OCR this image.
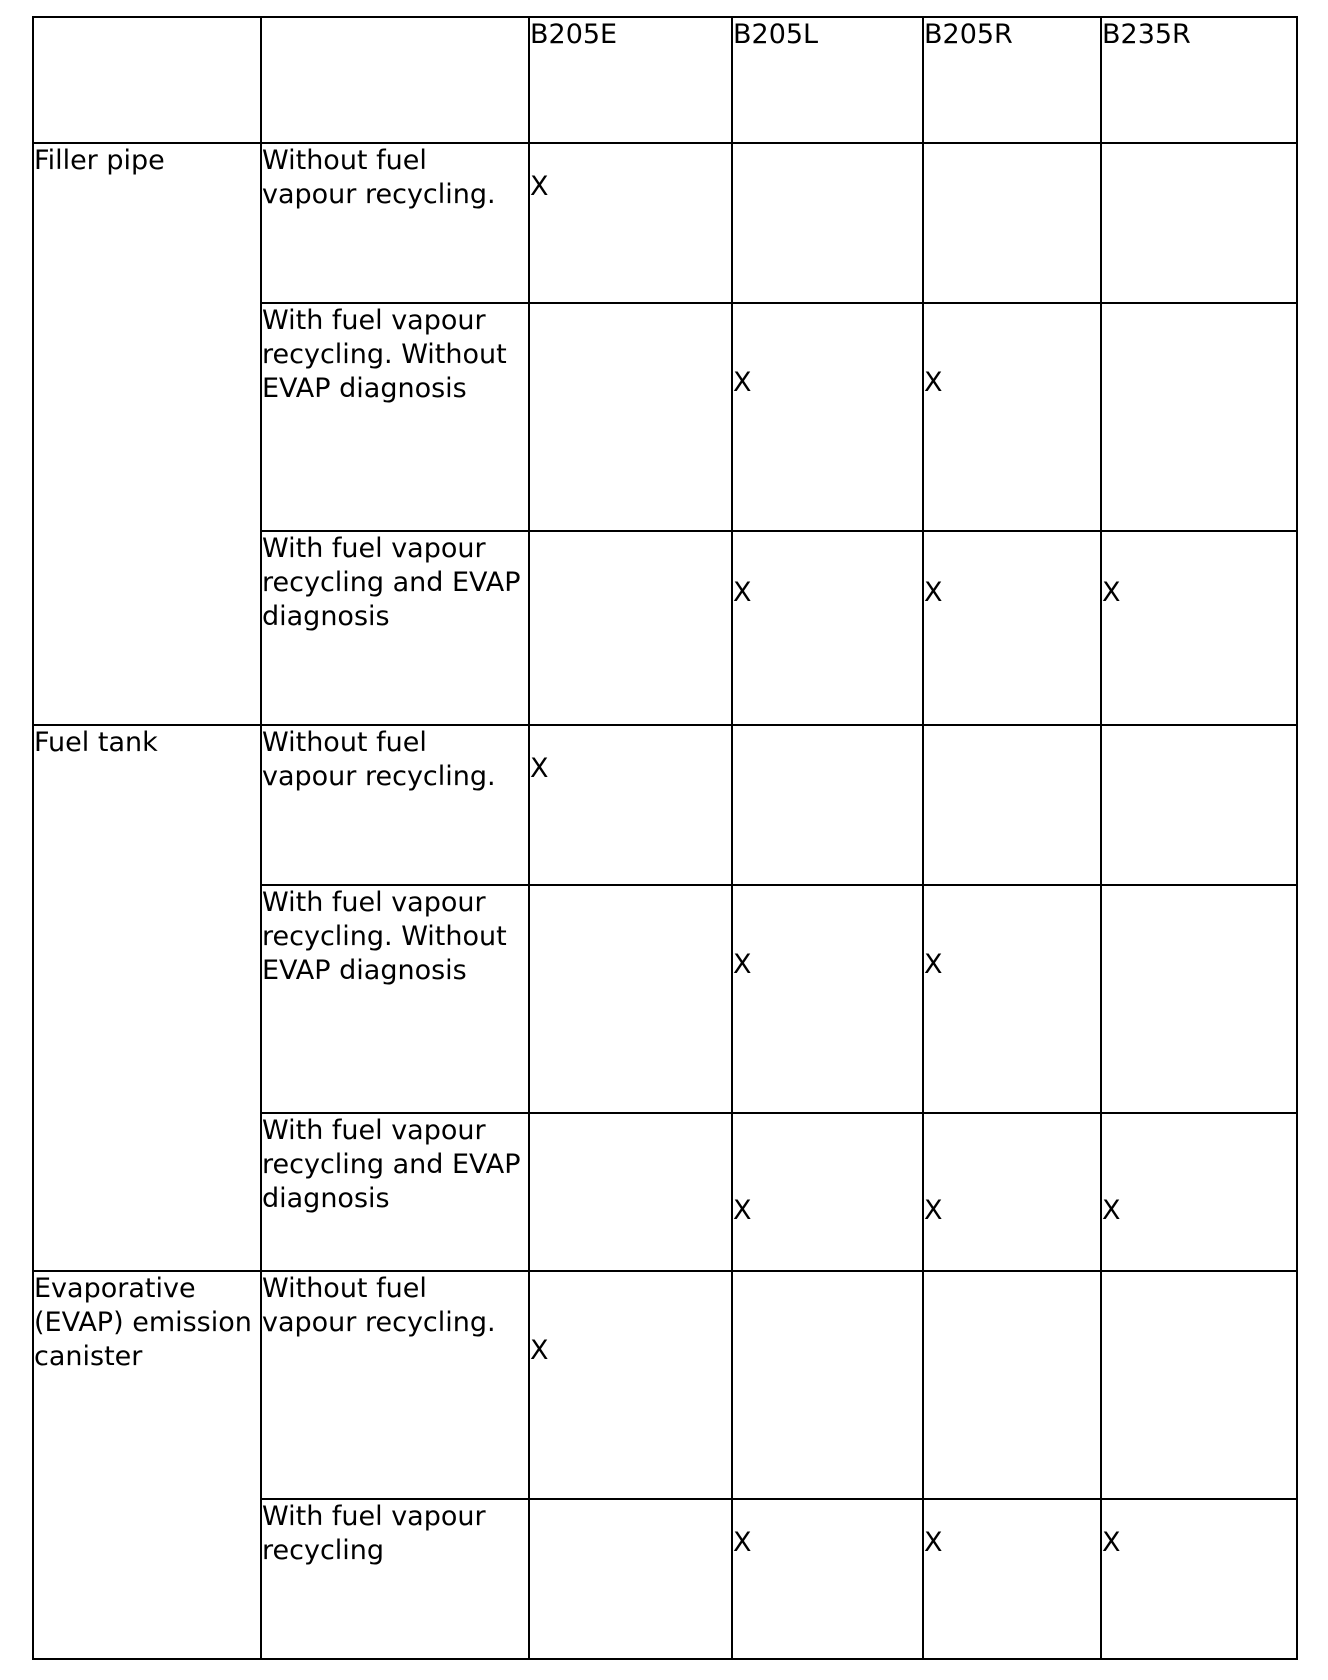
		B205E	B205L	B205R	B235R
Filler pipe	Without fuel vapour recycling.	X			

	With fuel vapour recycling. Without EVAP diagnosis		X	X	

	With fuel vapour recycling and EVAP diagnosis		X	X	X

Fuel tank	Without fuel vapour recycling.	X			

	With fuel vapour recycling. Without EVAP diagnosis		X	X	

	With fuel vapour recycling and EVAP diagnosis		X	X	X

Evaporative (EVAP) emission canister	Without fuel vapour recycling.	X			

	With fuel vapour recycling		X	X	X
